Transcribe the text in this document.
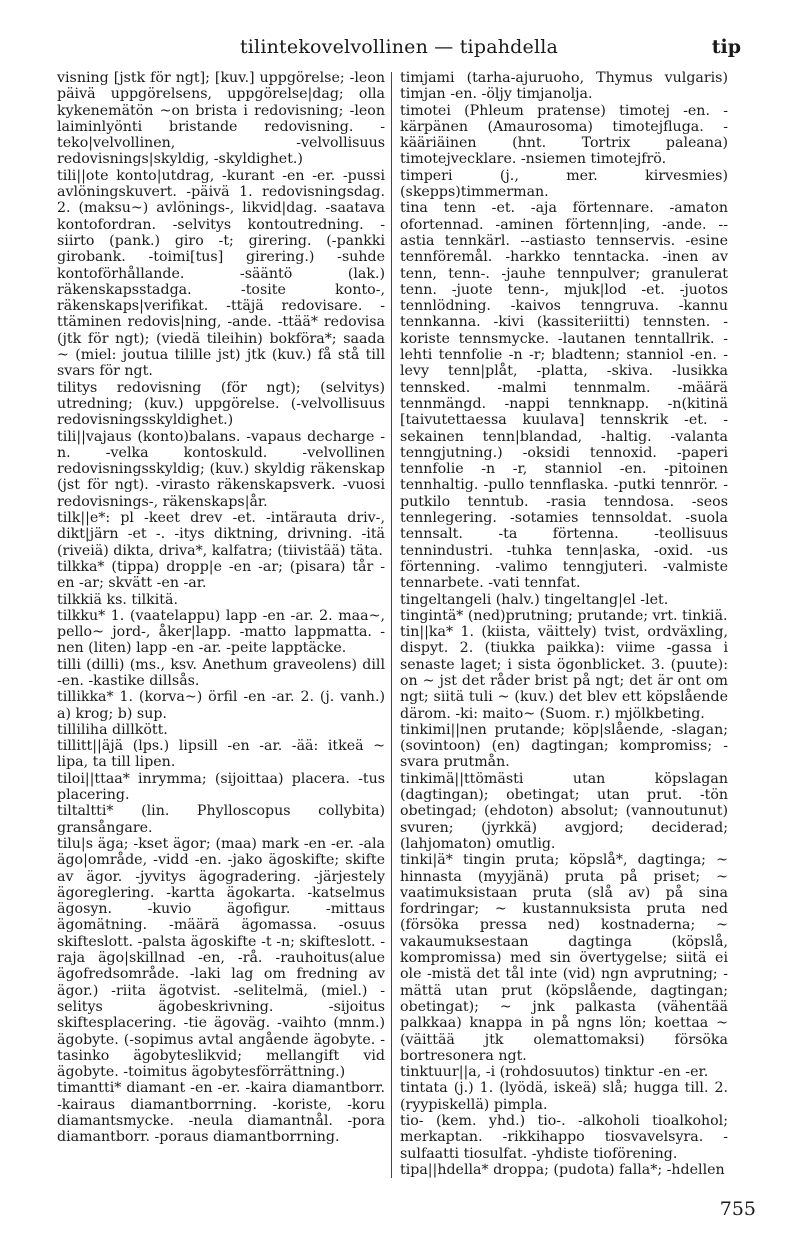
tilintekovelvollinen — tipahdella	tip

visning [jstk för ngt]; [kuv.] uppgörelse; -leon päivä uppgörelsens, uppgörelse|dag; olla kykenemätön ~on brista i redovisning; -leon laiminlyönti bristande redovisning. -teko|velvollinen, -velvollisuus redovisnings|skyldig, -skyldighet.)

tili||ote konto|utdrag, -kurant -en -er. -pussi avlöningskuvert. -päivä 1. redovisningsdag. 2. (maksu~) avlönings-, likvid|dag. -saatava kontofordran. -selvitys kontoutredning. -siirto (pank.) giro -t; girering. (-pankki girobank. -toimi[tus] girering.) -suhde kontoförhållande. -sääntö (lak.) räkenskapsstadga. -tosite konto-, räkenskaps|verifikat. -ttäjä redovisare. -ttäminen redovis|ning, -ande. -ttää* redovisa (jtk för ngt); (viedä tileihin) bokföra*; saada ~ (miel: joutua tilille jst) jtk (kuv.) få stå till svars för ngt.

tilitys redovisning (för ngt); (selvitys) utredning; (kuv.) uppgörelse. (-velvollisuus redovisningsskyldighet.)

tili||vajaus (konto)balans. -vapaus decharge -n. -velka kontoskuld. -velvollinen redovisningsskyldig; (kuv.) skyldig räkenskap (jst för ngt). -virasto räkenskapsverk. -vuosi redovisnings-, räkenskaps|år.

tilk||e*: pl -keet drev -et. -intärauta driv-, dikt|järn -et -. -itys diktning, drivning. -itä (riveiä) dikta, driva*, kalfatra; (tiivistää) täta.

tilkka* (tippa) dropp|e -en -ar; (pisara) tår -en -ar; skvätt -en -ar.

tilkkiä ks. tilkitä.

tilkku* 1. (vaatelappu) lapp -en -ar. 2. maa~, pello~ jord-, åker|lapp. -matto lappmatta. -nen (liten) lapp -en -ar. -peite lapptäcke.

tilli (dilli) (ms., ksv. Anethum graveolens) dill -en. -kastike dillsås.

tillikka* 1. (korva~) örfil -en -ar. 2. (j. vanh.) a) krog; b) sup.

tilliliha dillkött.

tillitt||äjä (lps.) lipsill -en -ar. -ää: itkeä ~ lipa, ta till lipen.

tiloi||ttaa* inrymma; (sijoittaa) placera. -tus placering.

tiltaltti* (lin. Phylloscopus collybita) gransångare.

tilu|s äga; -kset ägor; (maa) mark -en -er. -ala ägo|område, -vidd -en. -jako ägoskifte; skifte av ägor. -jyvitys ägogradering. -järjestely ägoreglering. -kartta ägokarta. -katselmus ägosyn. -kuvio ägofigur. -mittaus ägomätning. -määrä ägomassa. -osuus skifteslott. -palsta ägoskifte -t -n; skifteslott. -raja ägo|skillnad -en, -rå. -rauhoitus(alue ägofredsområde. -laki lag om fredning av ägor.) -riita ägotvist. -selitelmä, (miel.) -selitys ägobeskrivning. -sijoitus skiftesplacering. -tie ägoväg. -vaihto (mnm.) ägobyte. (-sopimus avtal angående ägobyte. -tasinko ägobyteslikvid; mellangift vid ägobyte. -toimitus ägobytesförrättning.)

timantti* diamant -en -er. -kaira diamantborr. -kairaus diamantborrning. -koriste, -koru diamantsmycke. -neula diamantnål. -pora diamantborr. -poraus diamantborrning.

timjami (tarha-ajuruoho, Thymus vulgaris) timjan -en. -öljy timjanolja.

timotei (Phleum pratense) timotej -en. -kärpänen (Amaurosoma) timotejfluga. -kääriäinen (hnt. Tortrix paleana) timotejvecklare. -nsiemen timotejfrö.

timperi (j., mer. kirvesmies) (skepps)timmerman.

tina tenn -et. -aja förtennare. -amaton ofortennad. -aminen förtenn|ing, -ande. --astia tennkärl. --astiasto tennservis. -esine tennföremål. -harkko tenntacka. -inen av tenn, tenn-. -jauhe tennpulver; granulerat tenn. -juote tenn-, mjuk|lod -et. -juotos tennlödning. -kaivos tenngruva. -kannu tennkanna. -kivi (kassiteriitti) tennsten. -koriste tennsmycke. -lautanen tenntallrik. -lehti tennfolie -n -r; bladtenn; stanniol -en. -levy tenn|plåt, -platta, -skiva. -lusikka tennsked. -malmi tennmalm. -määrä tennmängd. -nappi tennknapp. -n(kitinä [taivutettaessa kuulava] tennskrik -et. -sekainen tenn|blandad, -haltig. -valanta tenngjutning.) -oksidi tennoxid. -paperi tennfolie -n -r, stanniol -en. -pitoinen tennhaltig. -pullo tennflaska. -putki tennrör. -putkilo tenntub. -rasia tenndosa. -seos tennlegering. -sotamies tennsoldat. -suola tennsalt. -ta förtenna. -teollisuus tennindustri. -tuhka tenn|aska, -oxid. -us förtenning. -valimo tenngjuteri. -valmiste tennarbete. -vati tennfat.

tingeltangeli (halv.) tingeltang|el -let.

tingintä* (ned)prutning; prutande; vrt. tinkiä.

tin||ka* 1. (kiista, väittely) tvist, ordväxling, dispyt. 2. (tiukka paikka): viime -gassa i senaste laget; i sista ögonblicket. 3. (puute): on ~ jst det råder brist på ngt; det är ont om ngt; siitä tuli ~ (kuv.) det blev ett köpslående därom. -ki: maito~ (Suom. r.) mjölkbeting.

tinkimi||nen prutande; köp|slående, -slagan; (sovintoon) (en) dagtingan; kompromiss; -svara prutmån.

tinkimä||ttömästi utan köpslagan (dagtingan); obetingat; utan prut. -tön obetingad; (ehdoton) absolut; (vannoutunut) svuren; (jyrkkä) avgjord; deciderad; (lahjomaton) omutlig.

tinki|ä* tingin pruta; köpslå*, dagtinga; ~ hinnasta (myyjänä) pruta på priset; ~ vaatimuksistaan pruta (slå av) på sina fordringar; ~ kustannuksista pruta ned (försöka pressa ned) kostnaderna; ~ vakaumuksestaan dagtinga (köpslå, kompromissa) med sin övertygelse; siitä ei ole -mistä det tål inte (vid) ngn avprutning; -mättä utan prut (köpslående, dagtingan; obetingat); ~ jnk palkasta (vähentää palkkaa) knappa in på ngns lön; koettaa ~ (väittää jtk olemattomaksi) försöka bortresonera ngt.

tinktuur||a, -i (rohdosuutos) tinktur -en -er.

tintata (j.) 1. (lyödä, iskeä) slå; hugga till. 2. (ryypiskellä) pimpla.

tio- (kem. yhd.) tio-. -alkoholi tioalkohol; merkaptan. -rikkihappo tiosvavelsyra. -sulfaatti tiosulfat. -yhdiste tioförening.

tipa||hdella* droppa; (pudota) falla*; -hdellen

755
